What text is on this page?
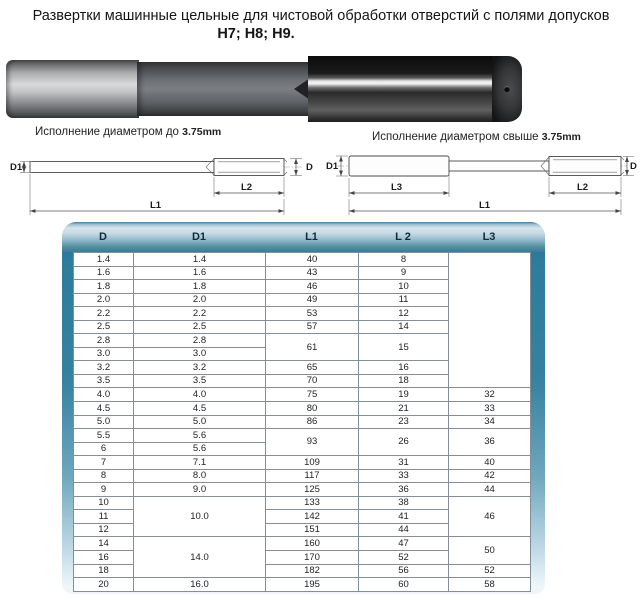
Развертки машинные цельные для чистовой обработки отверстий с полями допусков
H7; H8; H9.
Исполнение диаметром до 3.75mm	Исполнение диаметром свыше 3.75mm
D1	D
L2
L1
D1	D
L3	L2
L1
D	D1	L1	L 2	L3
1.4	1.4	40	8	
1.6	1.6	43	9	
1.8	1.8	46	10	
2.0	2.0	49	11	
2.2	2.2	53	12	
2.5	2.5	57	14	
2.8	2.8	61	15	
3.0	3.0			
3.2	3.2	65	16	
3.5	3.5	70	18	
4.0	4.0	75	19	32
4.5	4.5	80	21	33
5.0	5.0	86	23	34
5.5	5.6	93	26	36
6	5.6			
7	7.1	109	31	40
8	8.0	117	33	42
9	9.0	125	36	44
10	10.0	133	38	46
11		142	41	
12		151	44	
14	14.0	160	47	50
16		170	52	
18		182	56	52
20	16.0	195	60	58
